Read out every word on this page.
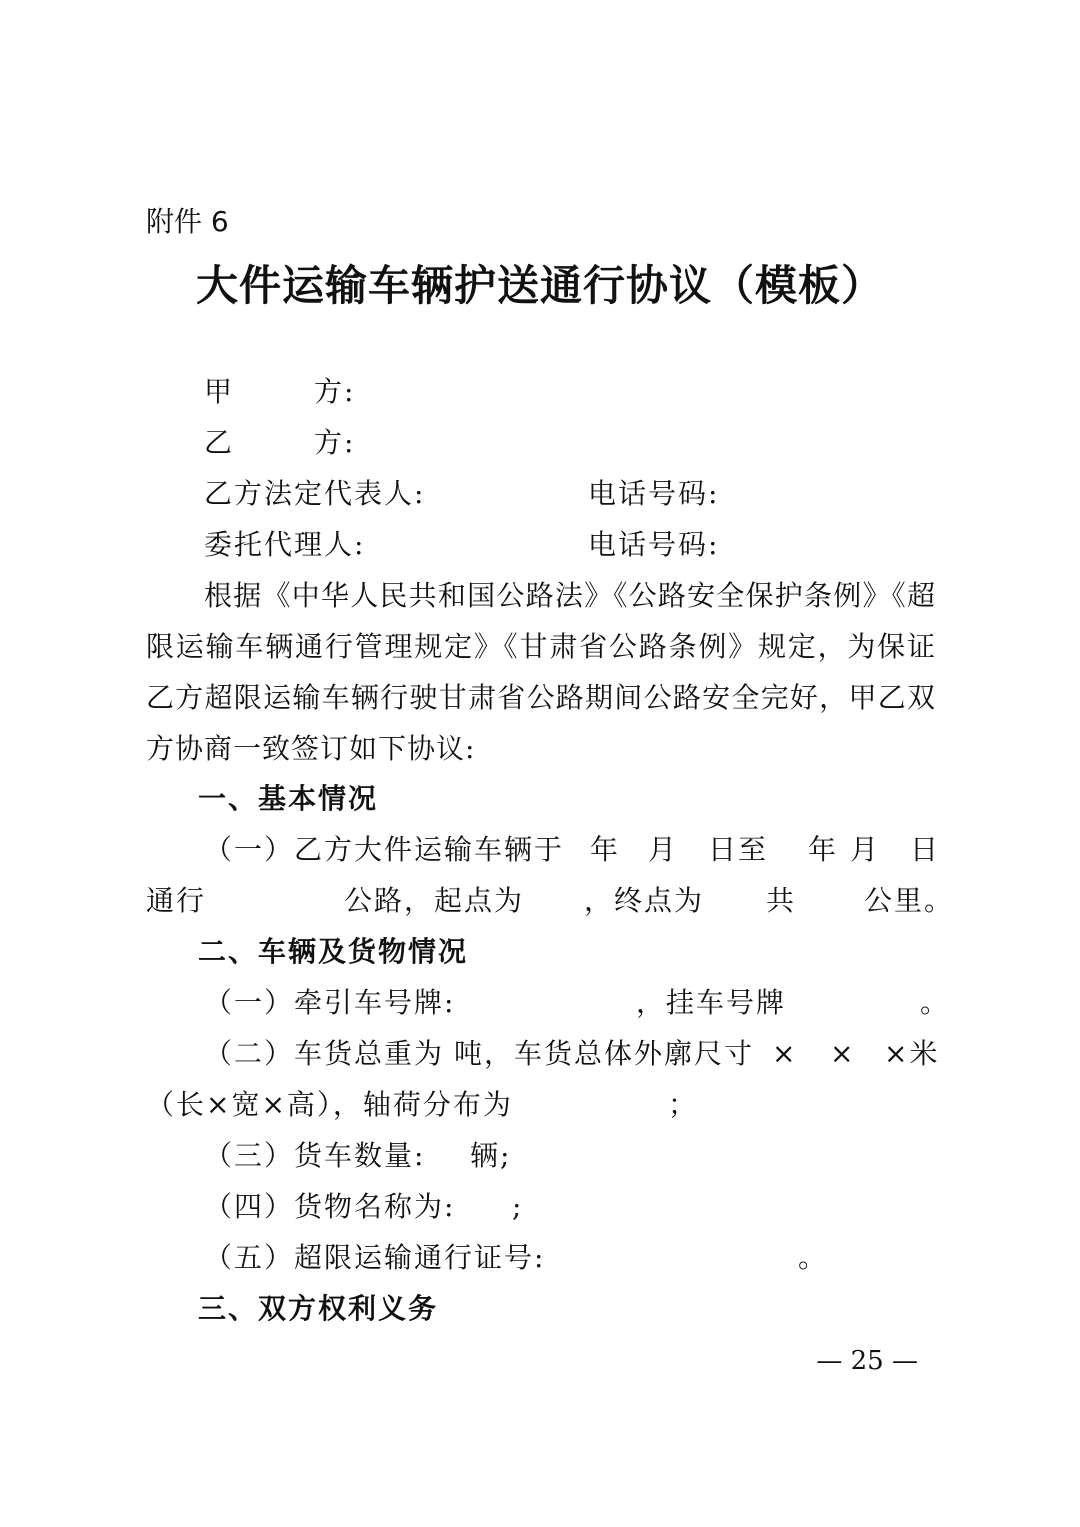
附件 6
大件运输车辆护送通行协议（模板）
甲	方:
乙	方:
乙方法定代表人:	电话号码:
委托代理人:	电话号码:
根据《中华人民共和国公路法》《公路安全保护条例》《超限运输车辆通行管理规定》《甘肃省公路条例》规定，为保证乙方超限运输车辆行驶甘肃省公路期间公路安全完好，甲乙双方协商一致签订如下协议:
一、基本情况
（一）乙方大件运输车辆于 年 月 日至 年 月 日
通行	公路，起点为 ，终点为 共 公里。
二、车辆及货物情况
（一）牵引车号牌:	，挂车号牌	。
（二）车货总重为 吨，车货总体外廓尺寸 × × ×米
（长×宽×高），轴荷分布为	；
（三）货车数量: 辆;
（四）货物名称为: ;
（五）超限运输通行证号:	。
三、双方权利义务
— 25 —
